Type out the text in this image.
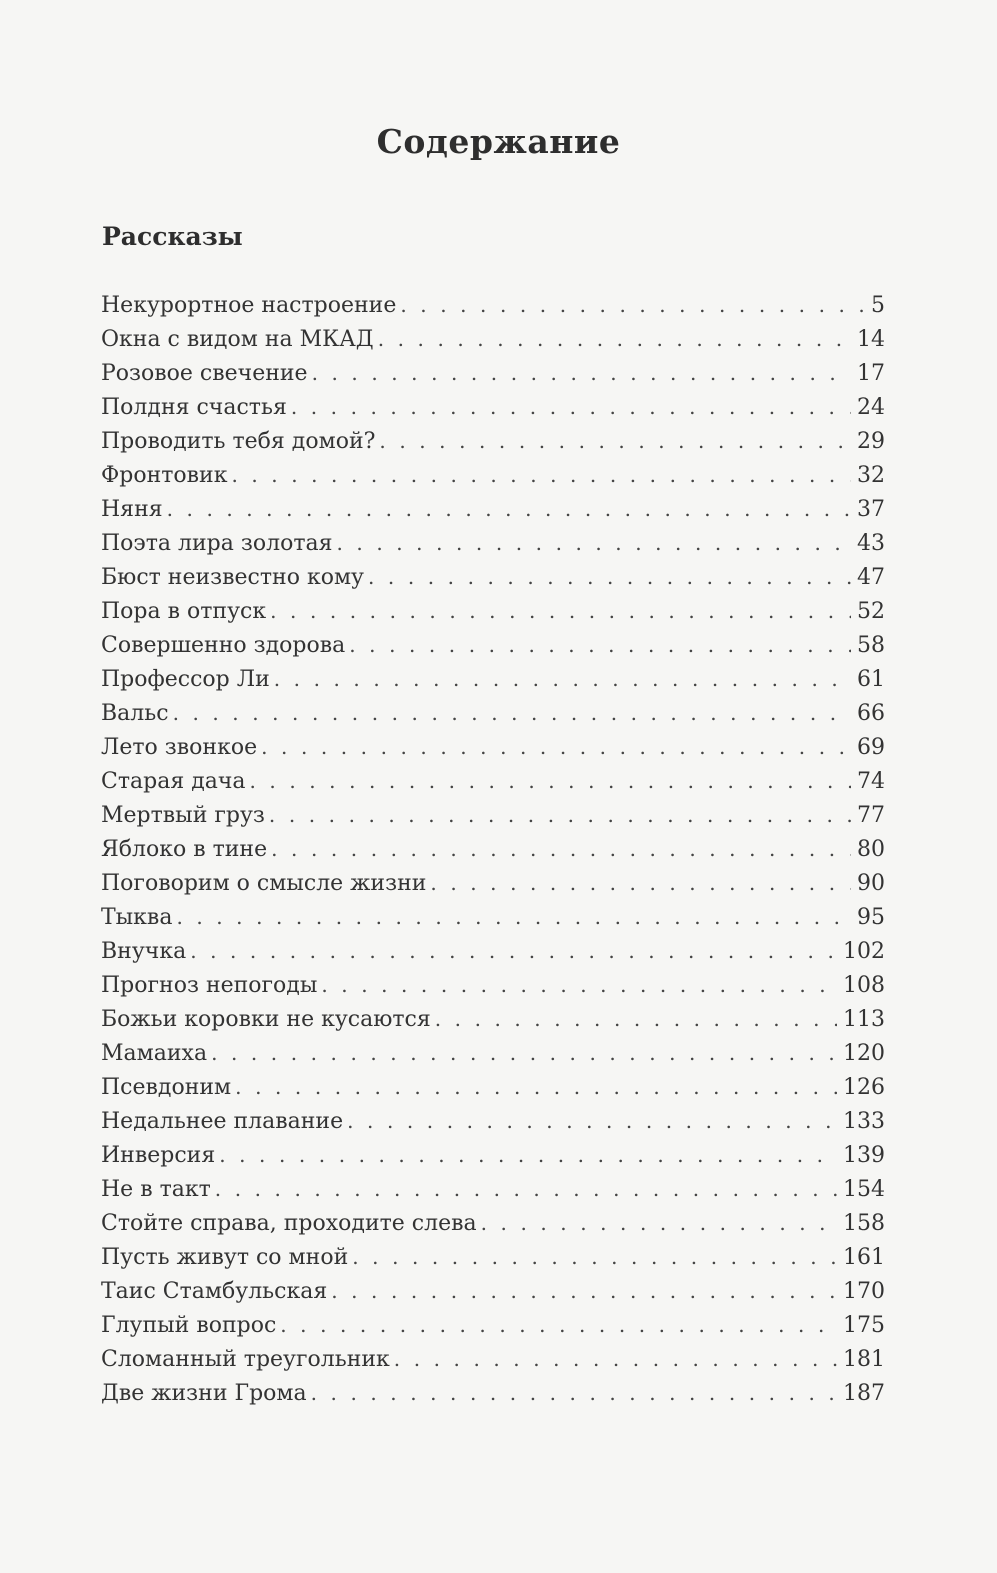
Содержание
Рассказы
Некурортное настроение . . .	5
Окна с видом на МКАД . . .	14
Розовое свечение . . .	17
Полдня счастья . . .	24
Проводить тебя домой? . . .	29
Фронтовик . . .	32
Няня . . .	37
Поэта лира золотая . . .	43
Бюст неизвестно кому . . .	47
Пора в отпуск . . .	52
Совершенно здорова . . .	58
Профессор Ли . . .	61
Вальс . . .	66
Лето звонкое . . .	69
Старая дача . . .	74
Мертвый груз . . .	77
Яблоко в тине . . .	80
Поговорим о смысле жизни . . .	90
Тыква . . .	95
Внучка . . .	102
Прогноз непогоды . . .	108
Божьи коровки не кусаются . . .	113
Мамаиха . . .	120
Псевдоним . . .	126
Недальнее плавание . . .	133
Инверсия . . .	139
Не в такт . . .	154
Стойте справа, проходите слева . . .	158
Пусть живут со мной . . .	161
Таис Стамбульская . . .	170
Глупый вопрос . . .	175
Сломанный треугольник . . .	181
Две жизни Грома . . .	187
